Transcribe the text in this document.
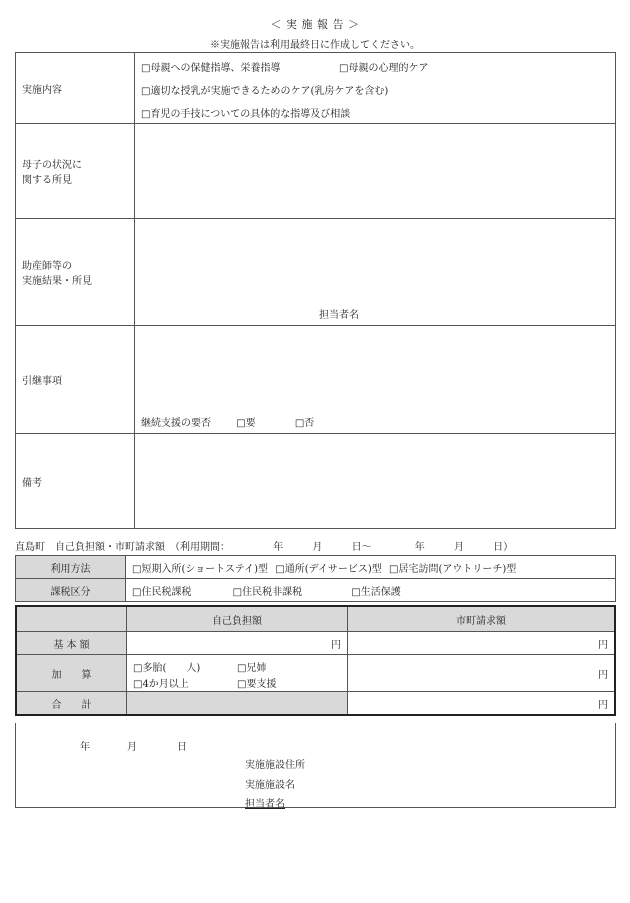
＜ 実 施 報 告 ＞
※実施報告は利用最終日に作成してください。
実施内容	□母親への保健指導、栄養指導 □母親の心理的ケア
□適切な授乳が実施できるためのケア(乳房ケアを含む)
□育児の手技についての具体的な指導及び相談

母子の状況に
関する所見	

助産師等の
実施結果・所見	担当者名

引継事項	継続支援の要否 □要 □否

備考	
直島町　自己負担額・市町請求額　（利用期間：	年	月	日～	年	月	日）
利用方法	□短期入所(ショートステイ)型 □通所(デイサービス)型 □居宅訪問(アウトリーチ)型
課税区分	□住民税課税 □住民税非課税 □生活保護
	自己負担額	市町請求額
基 本 額	円	円
加　　算	□多胎(　　人) □兄姉
□4か月以上 □要支援	円
合　　計		円
年	月	日
実施施設住所
実施施設名
担当者名
